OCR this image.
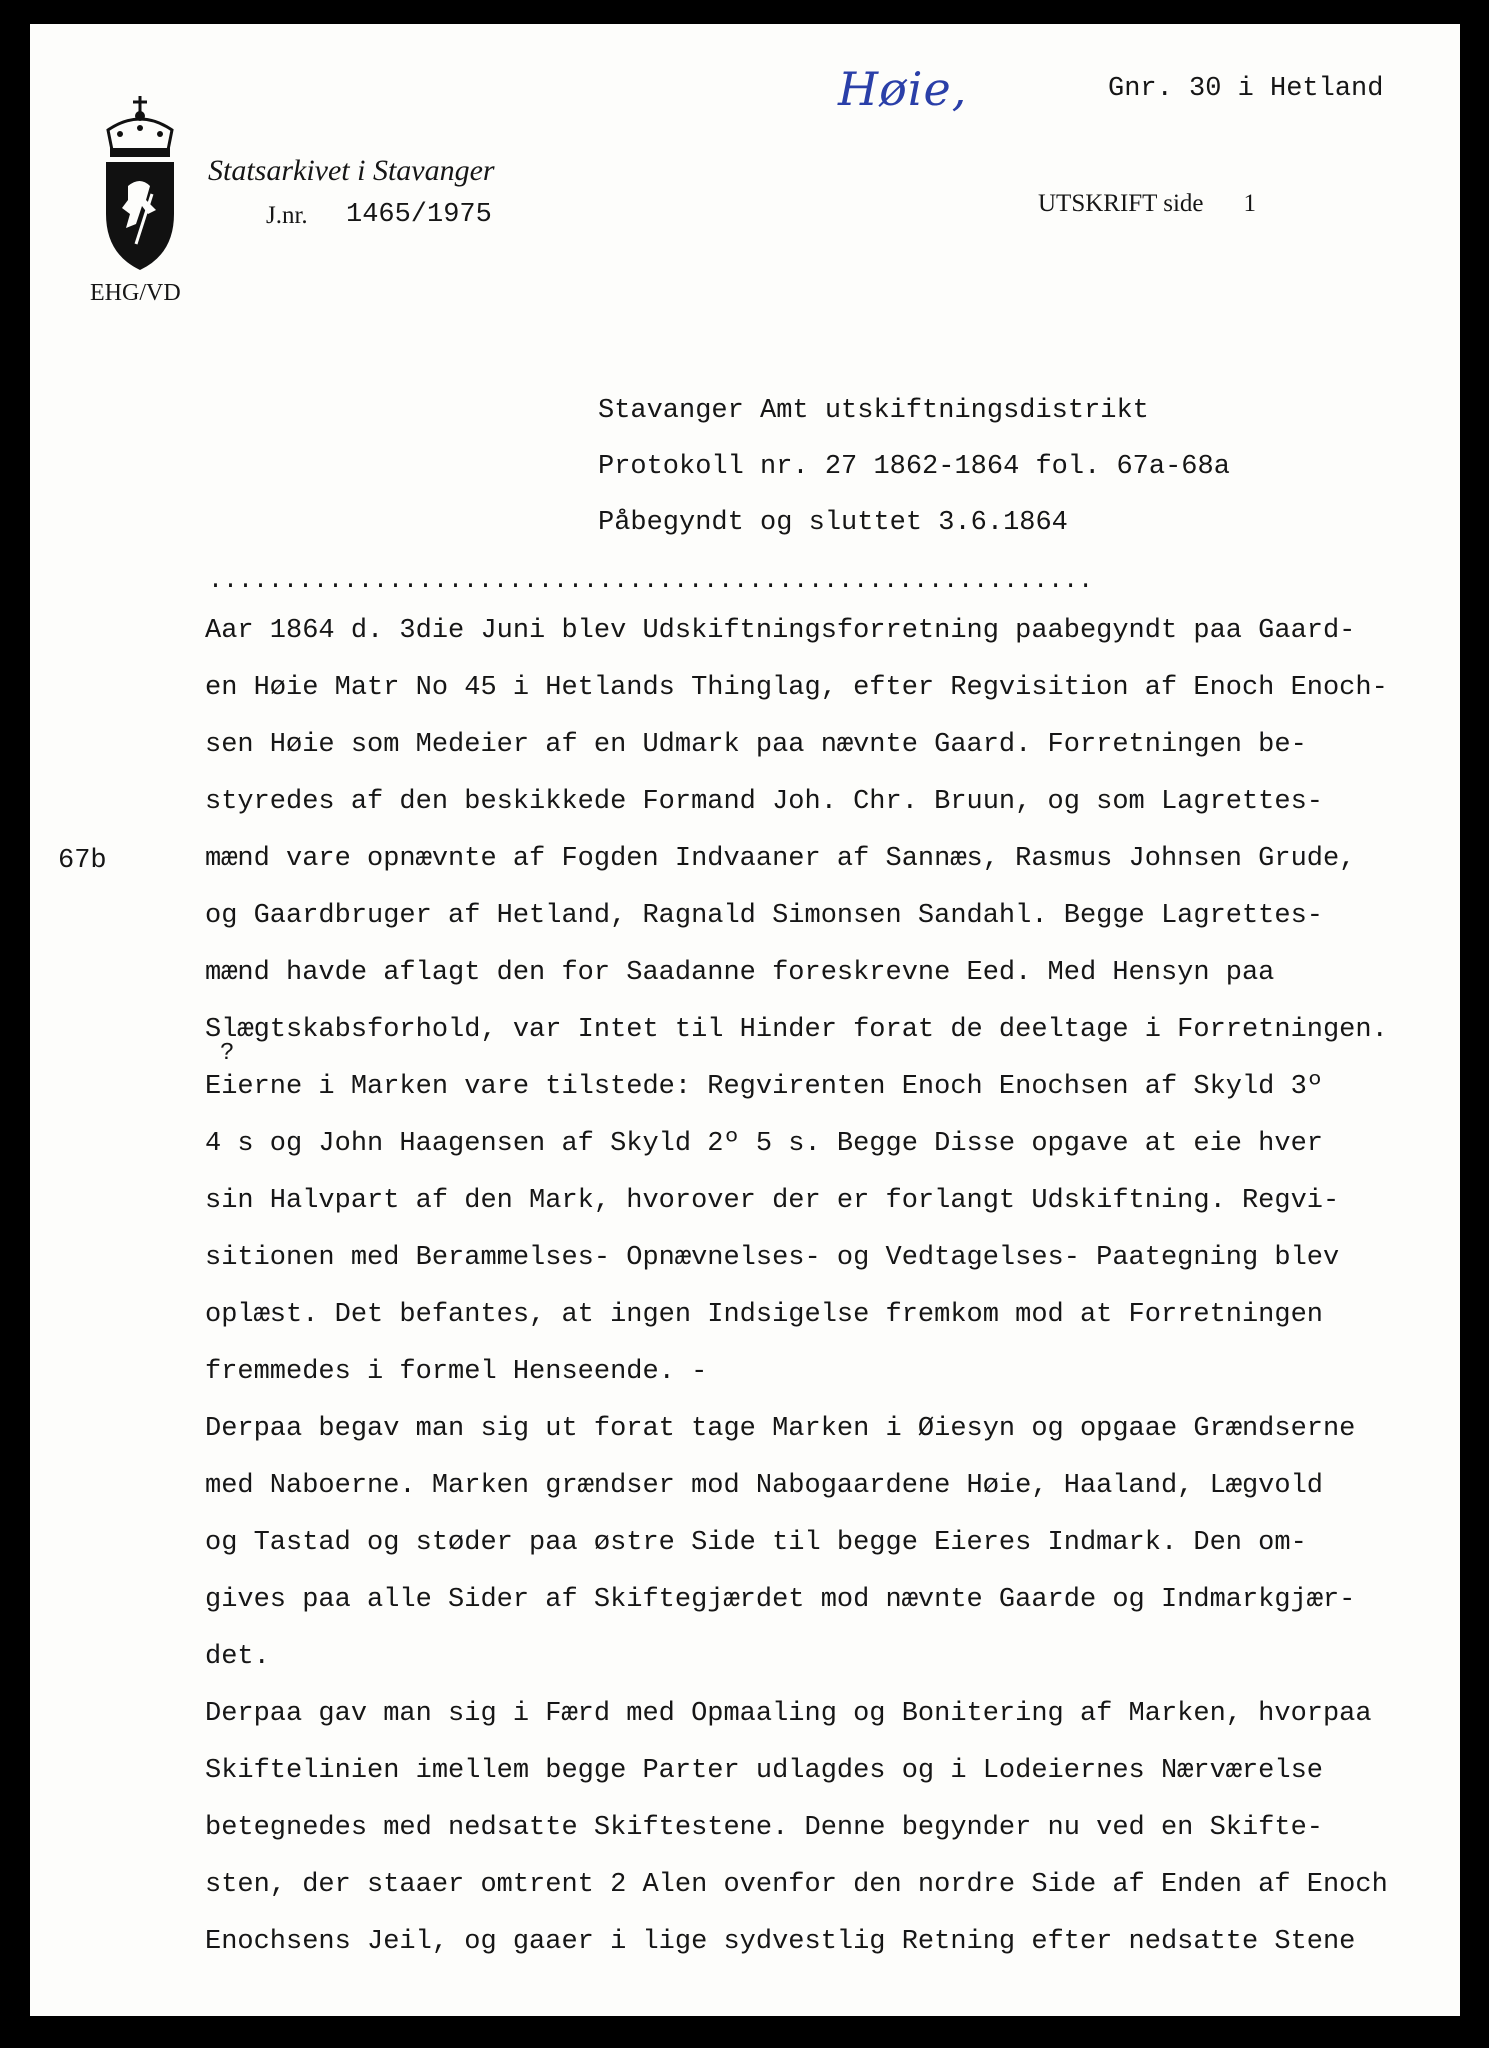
Høie,	Gnr. 30 i Hetland
Statsarkivet i Stavanger
J.nr. 1465/1975	UTSKRIFT side 1
EHG/VD
Stavanger Amt utskiftningsdistrikt
Protokoll nr. 27 1862-1864 fol. 67a-68a
Påbegyndt og sluttet 3.6.1864
...........................................................
67b
?
Aar 1864 d. 3die Juni blev Udskiftningsforretning paabegyndt paa Gaard-
en Høie Matr No 45 i Hetlands Thinglag, efter Regvisition af Enoch Enoch-
sen Høie som Medeier af en Udmark paa nævnte Gaard. Forretningen be-
styredes af den beskikkede Formand Joh. Chr. Bruun, og som Lagrettes-
mænd vare opnævnte af Fogden Indvaaner af Sannæs, Rasmus Johnsen Grude,
og Gaardbruger af Hetland, Ragnald Simonsen Sandahl. Begge Lagrettes-
mænd havde aflagt den for Saadanne foreskrevne Eed. Med Hensyn paa
Slægtskabsforhold, var Intet til Hinder forat de deeltage i Forretningen.
Eierne i Marken vare tilstede: Regvirenten Enoch Enochsen af Skyld 3º
4 s og John Haagensen af Skyld 2º 5 s. Begge Disse opgave at eie hver
sin Halvpart af den Mark, hvorover der er forlangt Udskiftning. Regvi-
sitionen med Berammelses- Opnævnelses- og Vedtagelses- Paategning blev
oplæst. Det befantes, at ingen Indsigelse fremkom mod at Forretningen
fremmedes i formel Henseende. -
Derpaa begav man sig ut forat tage Marken i Øiesyn og opgaae Grændserne
med Naboerne. Marken grændser mod Nabogaardene Høie, Haaland, Lægvold
og Tastad og støder paa østre Side til begge Eieres Indmark. Den om-
gives paa alle Sider af Skiftegjærdet mod nævnte Gaarde og Indmarkgjær-
det.
Derpaa gav man sig i Færd med Opmaaling og Bonitering af Marken, hvorpaa
Skiftelinien imellem begge Parter udlagdes og i Lodeiernes Nærværelse
betegnedes med nedsatte Skiftestene. Denne begynder nu ved en Skifte-
sten, der staaer omtrent 2 Alen ovenfor den nordre Side af Enden af Enoch
Enochsens Jeil, og gaaer i lige sydvestlig Retning efter nedsatte Stene
